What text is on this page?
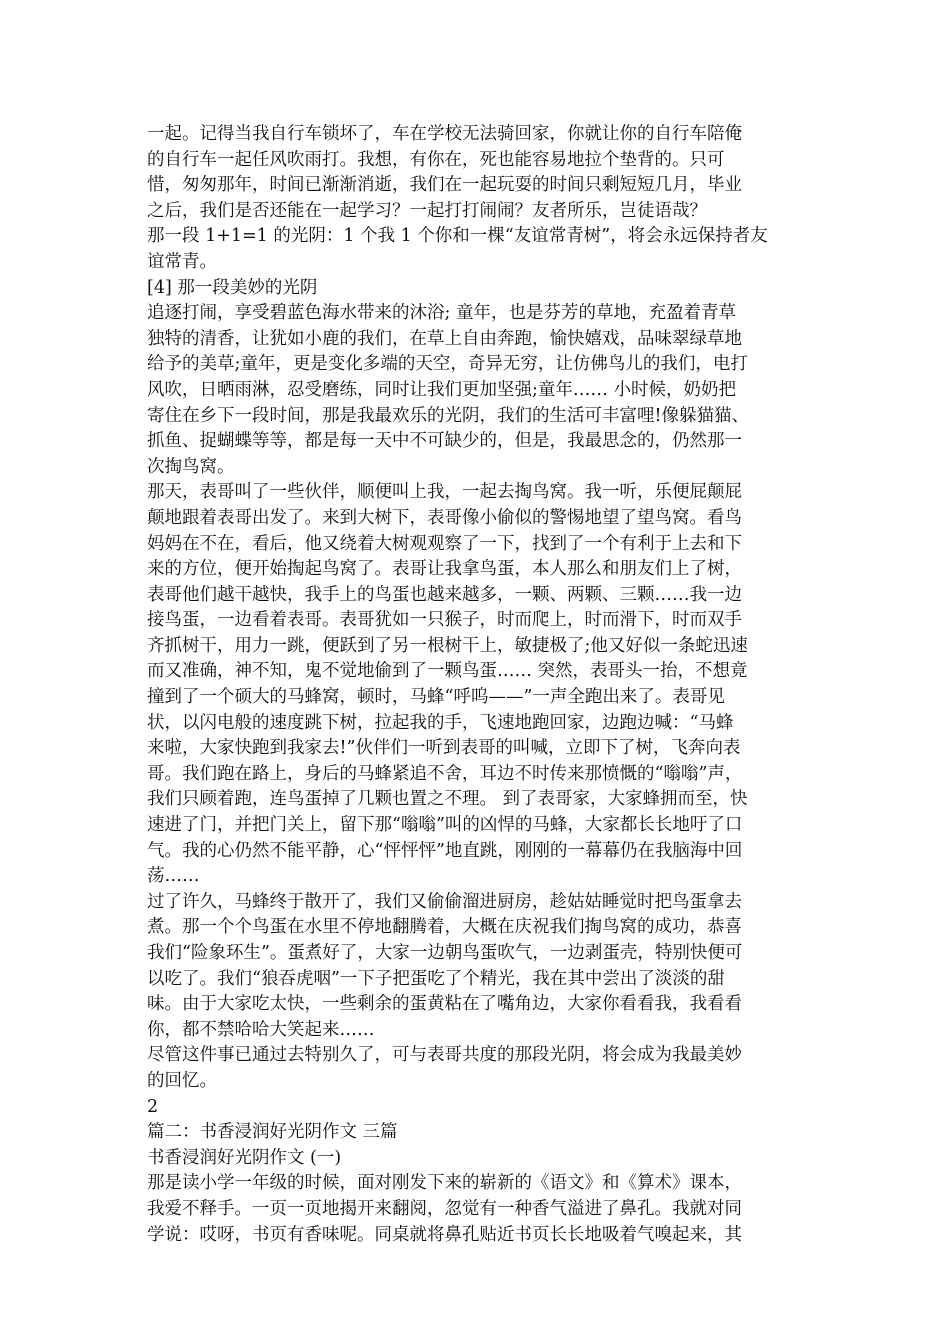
一起。记得当我自行车锁坏了，车在学校无法骑回家，你就让你的自行车陪俺
的自行车一起任风吹雨打。我想，有你在，死也能容易地拉个垫背的。只可
惜，匆匆那年，时间已渐渐消逝，我们在一起玩耍的时间只剩短短几月，毕业
之后，我们是否还能在一起学习？一起打打闹闹？友者所乐，岂徒语哉？
那一段 1+1=1 的光阴：1 个我 1 个你和一棵“友谊常青树”，将会永远保持者友
谊常青。
[4] 那一段美妙的光阴
追逐打闹，享受碧蓝色海水带来的沐浴; 童年，也是芬芳的草地，充盈着青草
独特的清香，让犹如小鹿的我们，在草上自由奔跑，愉快嬉戏，品味翠绿草地
给予的美草;童年，更是变化多端的天空，奇异无穷，让仿佛鸟儿的我们，电打
风吹，日晒雨淋，忍受磨练，同时让我们更加坚强;童年…… 小时候，奶奶把
寄住在乡下一段时间，那是我最欢乐的光阴，我们的生活可丰富哩!像躲猫猫、
抓鱼、捉蝴蝶等等，都是每一天中不可缺少的，但是，我最思念的，仍然那一
次掏鸟窝。
那天，表哥叫了一些伙伴，顺便叫上我，一起去掏鸟窝。我一听，乐便屁颠屁
颠地跟着表哥出发了。来到大树下，表哥像小偷似的警惕地望了望鸟窝。看鸟
妈妈在不在，看后，他又绕着大树观观察了一下，找到了一个有利于上去和下
来的方位，便开始掏起鸟窝了。表哥让我拿鸟蛋，本人那么和朋友们上了树，
表哥他们越干越快，我手上的鸟蛋也越来越多，一颗、两颗、三颗……我一边
接鸟蛋，一边看着表哥。表哥犹如一只猴子，时而爬上，时而滑下，时而双手
齐抓树干，用力一跳，便跃到了另一根树干上，敏捷极了;他又好似一条蛇迅速
而又准确，神不知，鬼不觉地偷到了一颗鸟蛋…… 突然，表哥头一抬，不想竟
撞到了一个硕大的马蜂窝，顿时，马蜂“呼呜——”一声全跑出来了。表哥见
状，以闪电般的速度跳下树，拉起我的手，飞速地跑回家，边跑边喊：“马蜂
来啦，大家快跑到我家去!”伙伴们一听到表哥的叫喊，立即下了树，飞奔向表
哥。我们跑在路上，身后的马蜂紧追不舍，耳边不时传来那愤慨的“嗡嗡”声，
我们只顾着跑，连鸟蛋掉了几颗也置之不理。 到了表哥家，大家蜂拥而至，快
速进了门，并把门关上，留下那“嗡嗡”叫的凶悍的马蜂，大家都长长地吁了口
气。我的心仍然不能平静，心“怦怦怦”地直跳，刚刚的一幕幕仍在我脑海中回
荡……
过了许久，马蜂终于散开了，我们又偷偷溜进厨房，趁姑姑睡觉时把鸟蛋拿去
煮。那一个个鸟蛋在水里不停地翻腾着，大概在庆祝我们掏鸟窝的成功，恭喜
我们“险象环生”。蛋煮好了，大家一边朝鸟蛋吹气，一边剥蛋壳，特别快便可
以吃了。我们“狼吞虎咽”一下子把蛋吃了个精光，我在其中尝出了淡淡的甜
味。由于大家吃太快，一些剩余的蛋黄粘在了嘴角边，大家你看看我，我看看
你，都不禁哈哈大笑起来……
尽管这件事已通过去特别久了，可与表哥共度的那段光阴，将会成为我最美妙
的回忆。
2
篇二：书香浸润好光阴作文 三篇
书香浸润好光阴作文 (一)
那是读小学一年级的时候，面对刚发下来的崭新的《语文》和《算术》课本，
我爱不释手。一页一页地揭开来翻阅，忽觉有一种香气溢进了鼻孔。我就对同
学说：哎呀，书页有香味呢。同桌就将鼻孔贴近书页长长地吸着气嗅起来，其
